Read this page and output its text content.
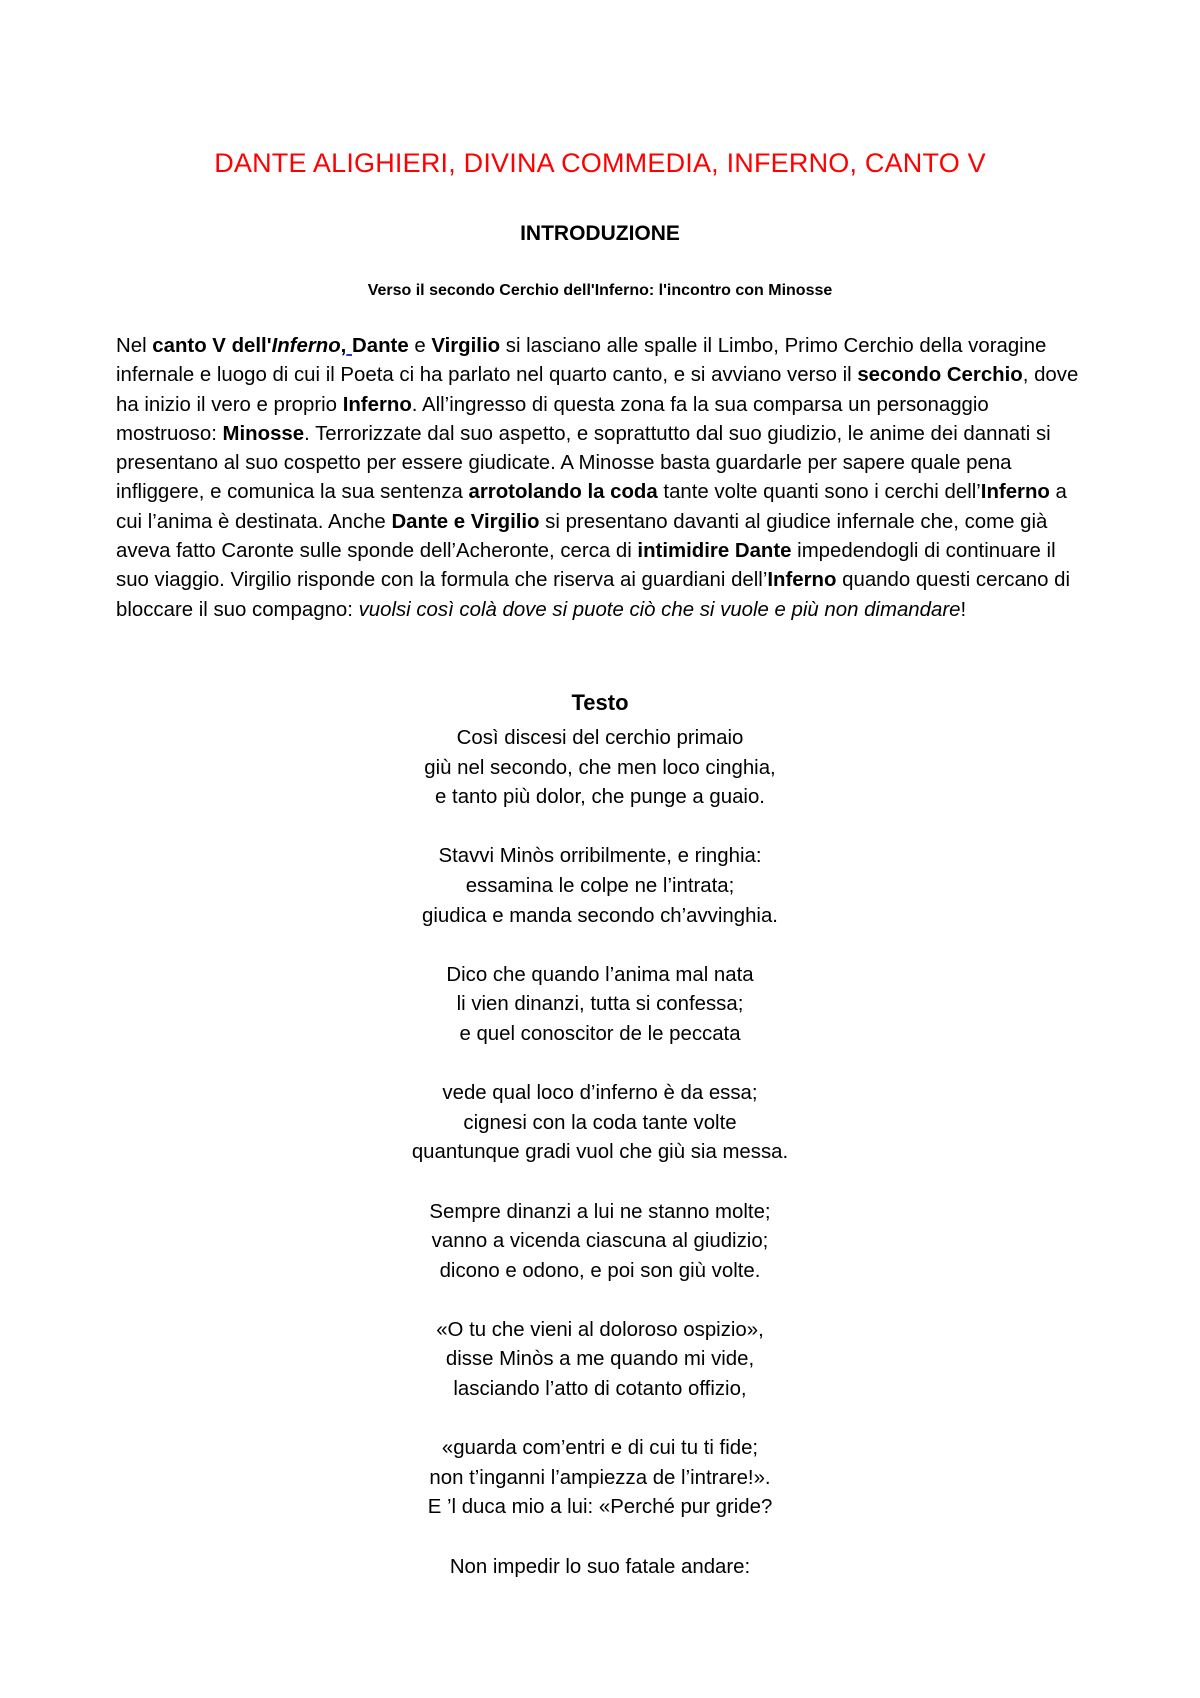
DANTE ALIGHIERI, DIVINA COMMEDIA, INFERNO, CANTO V
INTRODUZIONE
Verso il secondo Cerchio dell'Inferno: l'incontro con Minosse
Nel canto V dell'Inferno, Dante e Virgilio si lasciano alle spalle il Limbo, Primo Cerchio della voragine infernale e luogo di cui il Poeta ci ha parlato nel quarto canto, e si avviano verso il secondo Cerchio, dove ha inizio il vero e proprio Inferno. All’ingresso di questa zona fa la sua comparsa un personaggio mostruoso: Minosse. Terrorizzate dal suo aspetto, e soprattutto dal suo giudizio, le anime dei dannati si presentano al suo cospetto per essere giudicate. A Minosse basta guardarle per sapere quale pena infliggere, e comunica la sua sentenza arrotolando la coda tante volte quanti sono i cerchi dell’Inferno a cui l’anima è destinata. Anche Dante e Virgilio si presentano davanti al giudice infernale che, come già aveva fatto Caronte sulle sponde dell’Acheronte, cerca di intimidire Dante impedendogli di continuare il suo viaggio. Virgilio risponde con la formula che riserva ai guardiani dell’Inferno quando questi cercano di bloccare il suo compagno: vuolsi così colà dove si puote ciò che si vuole e più non dimandare!
Testo
Così discesi del cerchio primaio
giù nel secondo, che men loco cinghia,
e tanto più dolor, che punge a guaio.
Stavvi Minòs orribilmente, e ringhia:
essamina le colpe ne l’intrata;
giudica e manda secondo ch’avvinghia.
Dico che quando l’anima mal nata
li vien dinanzi, tutta si confessa;
e quel conoscitor de le peccata
vede qual loco d’inferno è da essa;
cignesi con la coda tante volte
quantunque gradi vuol che giù sia messa.
Sempre dinanzi a lui ne stanno molte;
vanno a vicenda ciascuna al giudizio;
dicono e odono, e poi son giù volte.
«O tu che vieni al doloroso ospizio»,
disse Minòs a me quando mi vide,
lasciando l’atto di cotanto offizio,
«guarda com’entri e di cui tu ti fide;
non t’inganni l’ampiezza de l’intrare!».
E ’l duca mio a lui: «Perché pur gride?
Non impedir lo suo fatale andare:
